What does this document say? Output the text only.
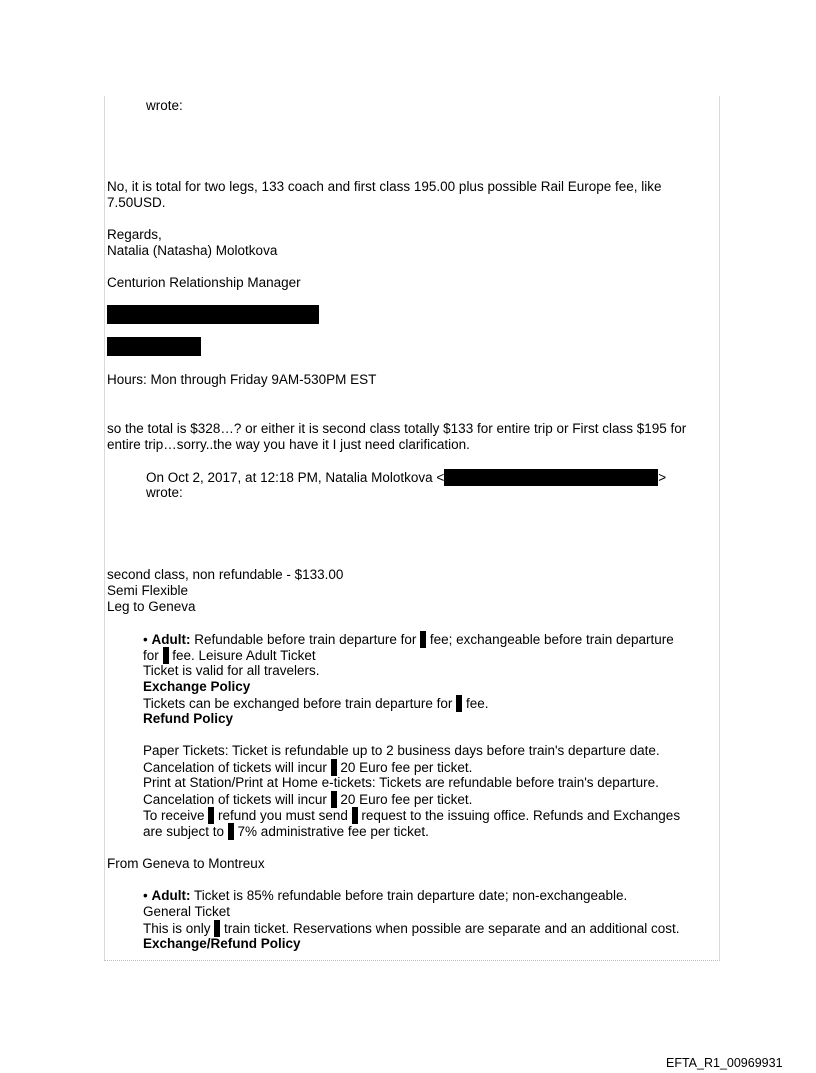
wrote:
No, it is total for two legs, 133 coach and first class 195.00 plus possible Rail Europe fee, like
7.50USD.
Regards,
Natalia (Natasha) Molotkova
Centurion Relationship Manager
Hours: Mon through Friday 9AM-530PM EST
so the total is $328…? or either it is second class totally $133 for entire trip or First class $195 for
entire trip…sorry..the way you have it I just need clarification.
On Oct 2, 2017, at 12:18 PM, Natalia Molotkova <	>
wrote:
second class, non refundable - $133.00
Semi Flexible
Leg to Geneva
• Adult: Refundable before train departure for  fee; exchangeable before train departure
for  fee. Leisure Adult Ticket
Ticket is valid for all travelers.
Exchange Policy
Tickets can be exchanged before train departure for  fee.
Refund Policy
Paper Tickets: Ticket is refundable up to 2 business days before train's departure date.
Cancelation of tickets will incur  20 Euro fee per ticket.
Print at Station/Print at Home e-tickets: Tickets are refundable before train's departure.
Cancelation of tickets will incur  20 Euro fee per ticket.
To receive  refund you must send  request to the issuing office. Refunds and Exchanges
are subject to  7% administrative fee per ticket.
From Geneva to Montreux
• Adult: Ticket is 85% refundable before train departure date; non-exchangeable.
General Ticket
This is only  train ticket. Reservations when possible are separate and an additional cost.
Exchange/Refund Policy
EFTA_R1_00969931
